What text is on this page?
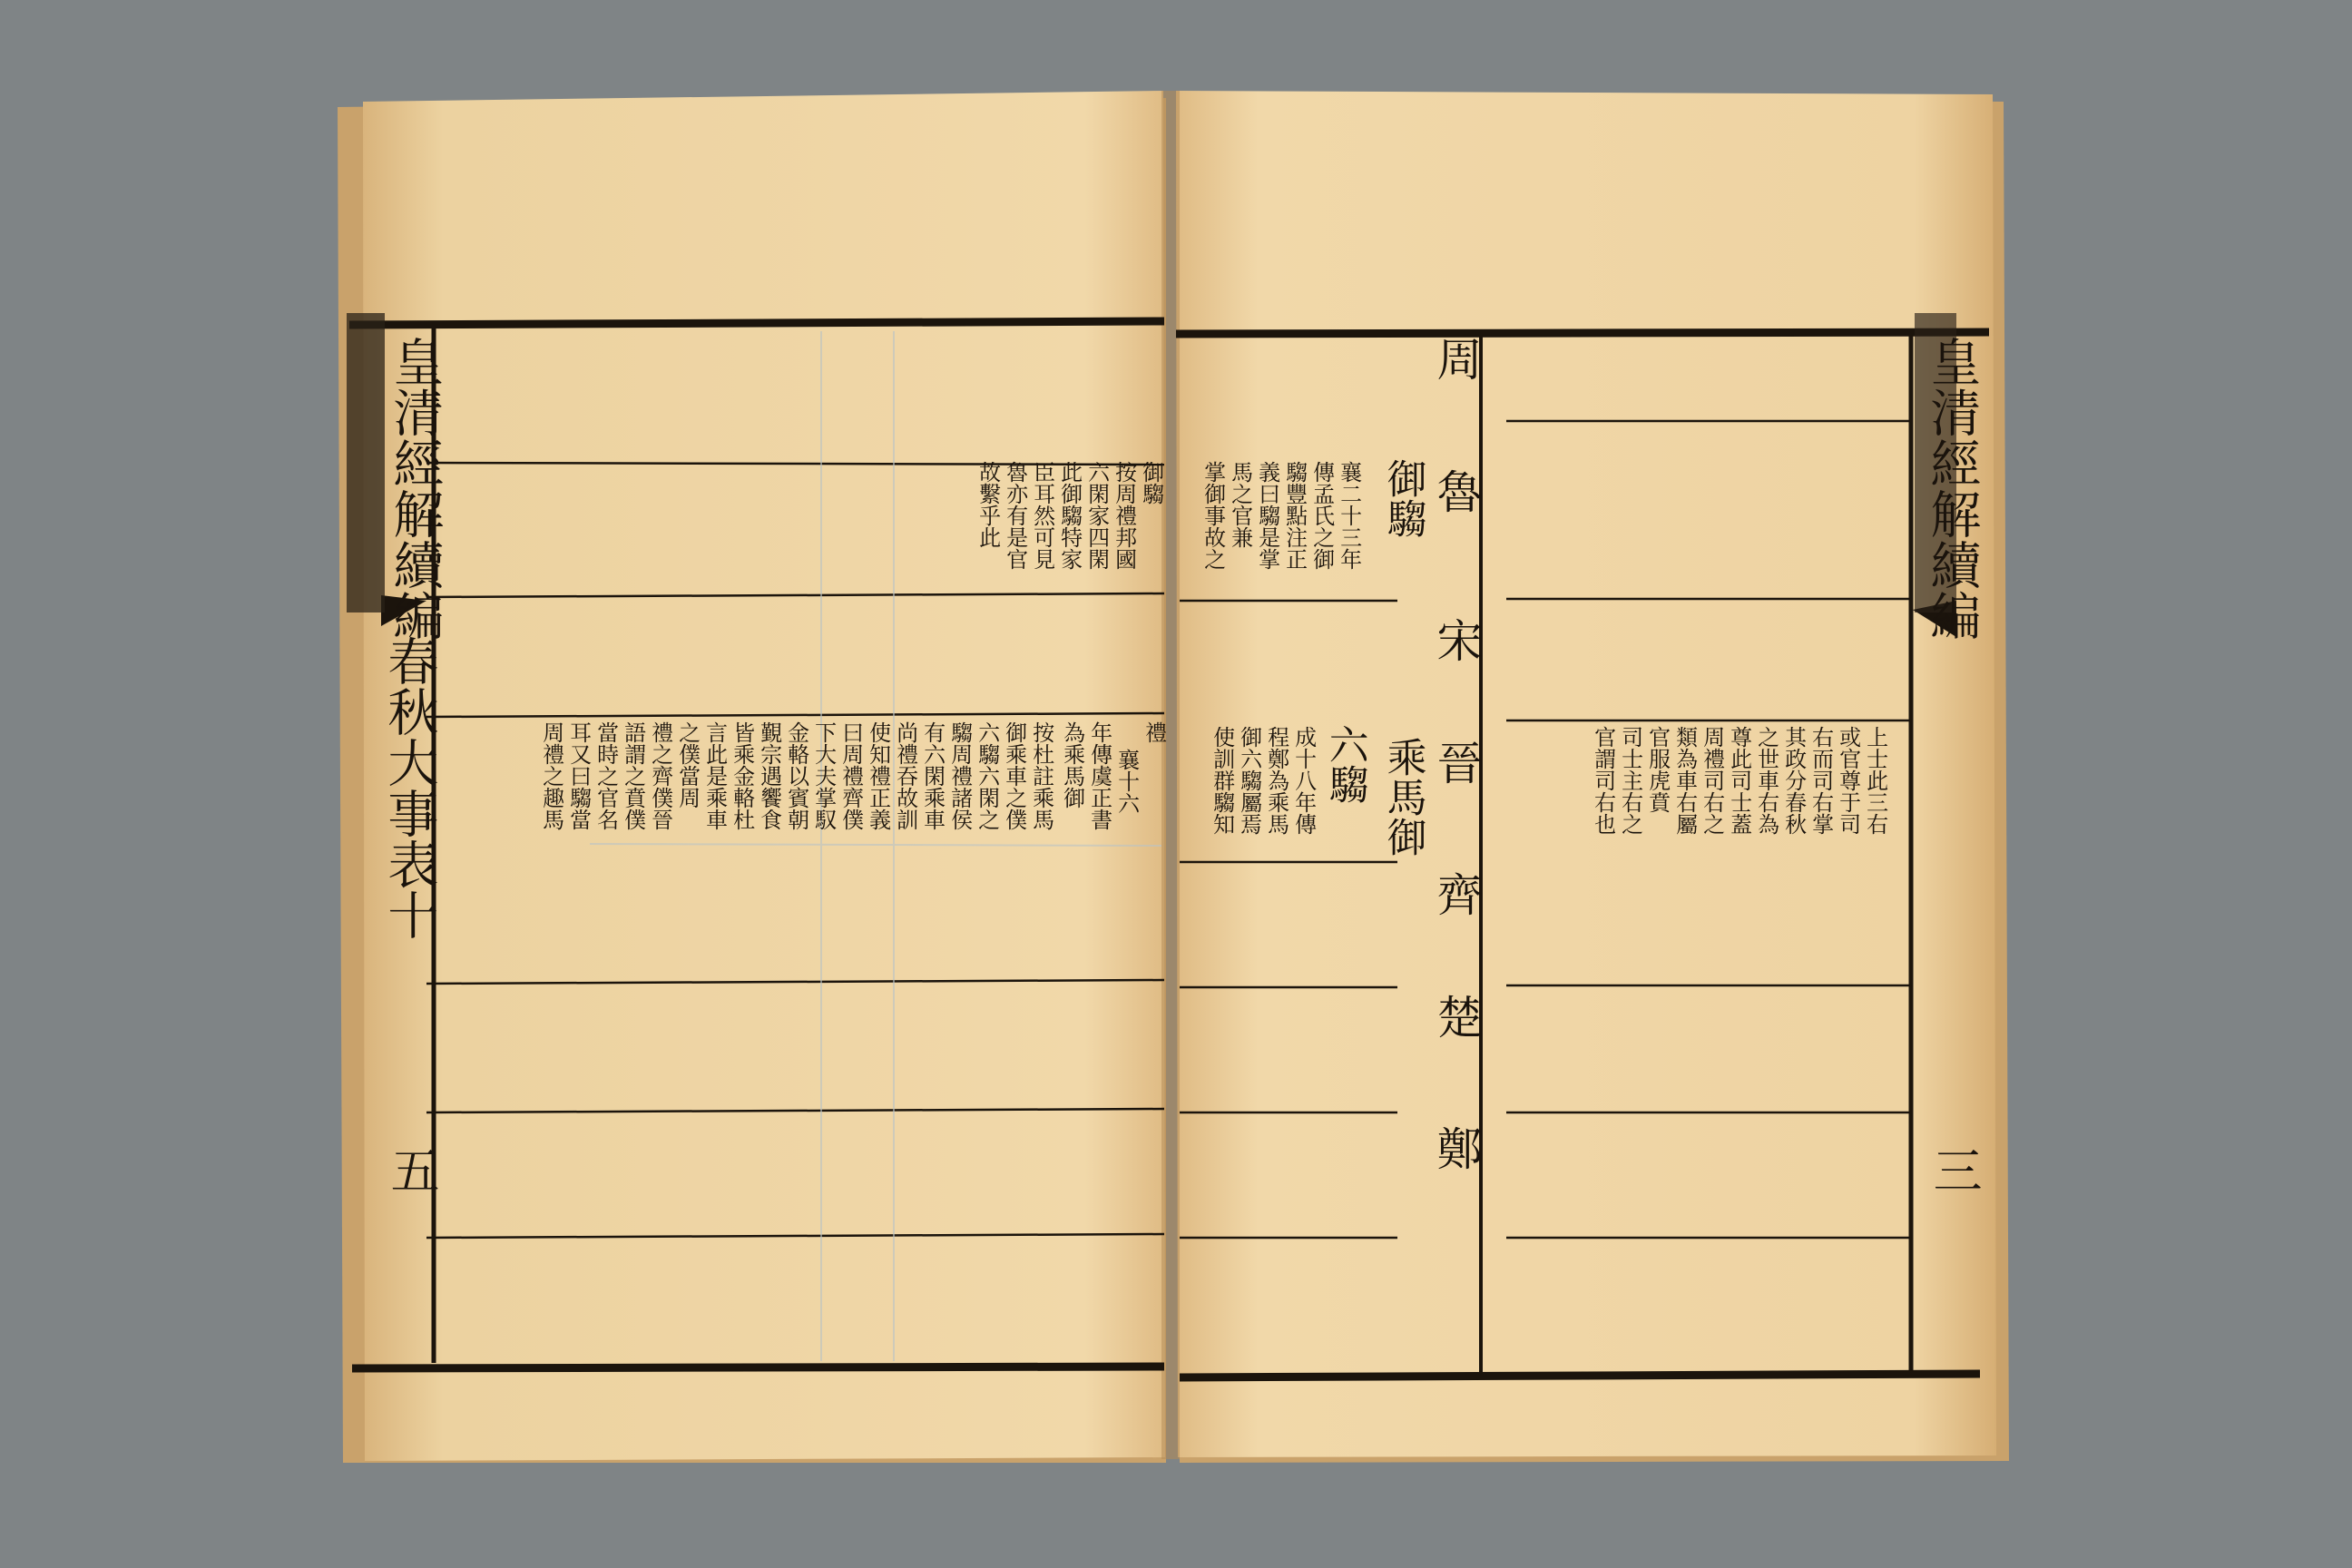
皇清經解續編
春秋大事表十
五
皇清經解續編
三
周
魯
宋
晉
齊
楚
鄭
御騶
乘馬御
六騶
襄二十三年
傳孟氏之御
騶豐點注正
義曰騶是掌
馬之官兼
掌御事故之
御騶
按周禮邦國
六閑家四閑
此御騶特家
臣耳然可見
魯亦有是官
故繫乎此
成十八年傳
程鄭為乘馬
御六騶屬焉
使訓群騶知
禮
襄十六
年傳虞正書
為乘馬御
按杜註乘馬
御乘車之僕
六騶六閑之
騶周禮諸侯
有六閑乘車
尚禮吞故訓
使知禮正義
曰周禮齊僕
下大夫掌馭
金輅以賓朝
覲宗遇饗食
皆乘金輅杜
言此是乘車
之僕當周
禮之齊僕晉
語謂之賁僕
當時之官名
耳又曰騶當
周禮之趣馬	上士此三右
或官尊于司
右而司右掌
其政分春秋
之世車右為
尊此司士蓋
周禮司右之
類為車右屬
官服虎賁
司士主右之
官謂司右也
